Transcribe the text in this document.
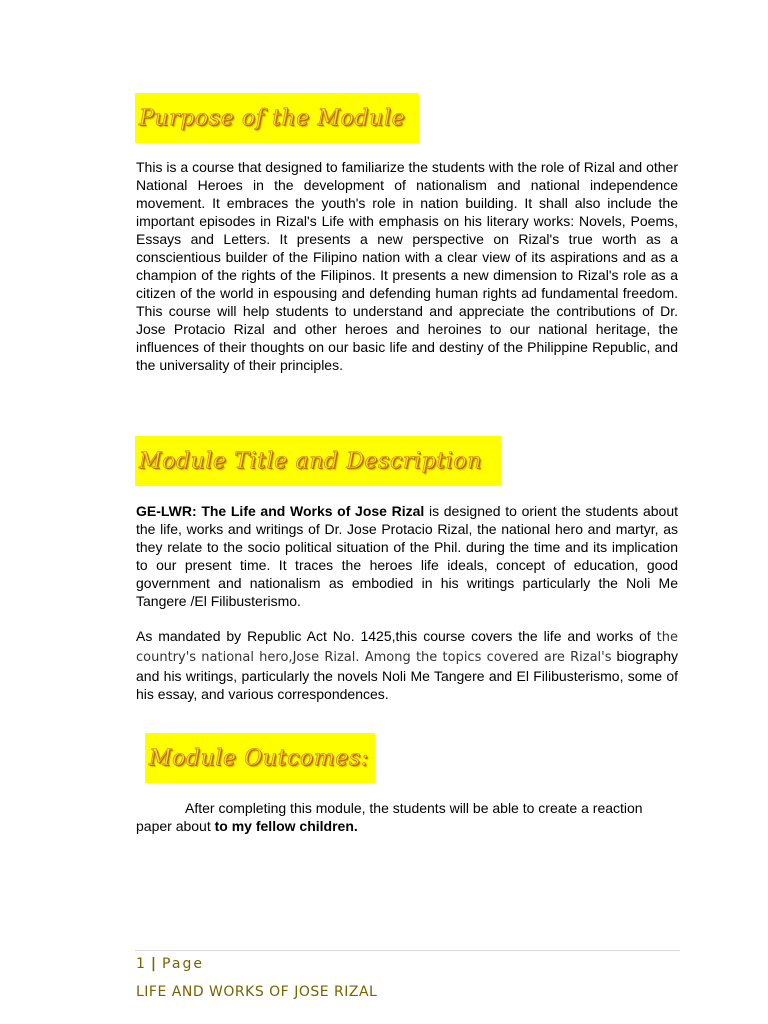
Purpose of the Module

This is a course that designed to familiarize the students with the role of Rizal and other National Heroes in the development of nationalism and national independence movement. It embraces the youth's role in nation building. It shall also include the important episodes in Rizal's Life with emphasis on his literary works: Novels, Poems, Essays and Letters. It presents a new perspective on Rizal's true worth as a conscientious builder of the Filipino nation with a clear view of its aspirations and as a champion of the rights of the Filipinos. It presents a new dimension to Rizal's role as a citizen of the world in espousing and defending human rights ad fundamental freedom. This course will help students to understand and appreciate the contributions of Dr. Jose Protacio Rizal and other heroes and heroines to our national heritage, the influences of their thoughts on our basic life and destiny of the Philippine Republic, and the universality of their principles.

Module Title and Description

GE-LWR: The Life and Works of Jose Rizal is designed to orient the students about the life, works and writings of Dr. Jose Protacio Rizal, the national hero and martyr, as they relate to the socio political situation of the Phil. during the time and its implication to our present time. It traces the heroes life ideals, concept of education, good government and nationalism as embodied in his writings particularly the Noli Me Tangere /El Filibusterismo.

As mandated by Republic Act No. 1425,this course covers the life and works of the country's national hero,Jose Rizal. Among the topics covered are Rizal's biography and his writings, particularly the novels Noli Me Tangere and El Filibusterismo, some of his essay, and various correspondences.

Module Outcomes:

After completing this module, the students will be able to create a reaction paper about to my fellow children.

1 | Page
LIFE AND WORKS OF JOSE RIZAL
